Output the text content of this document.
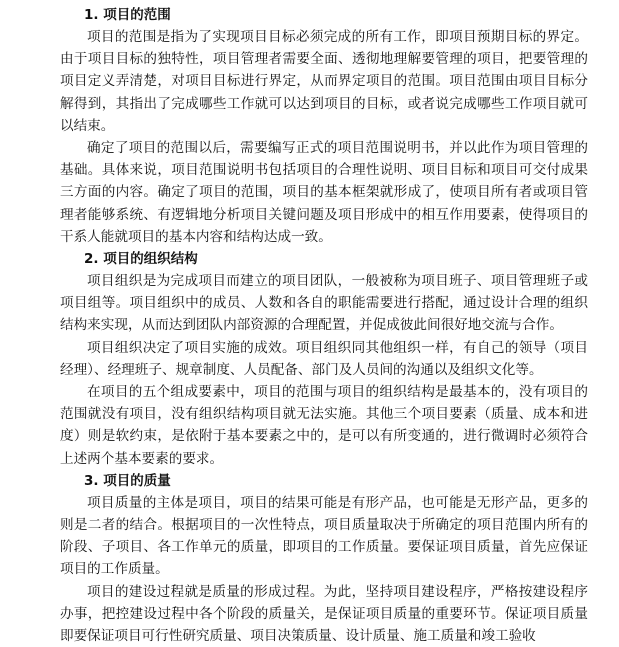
1. 项目的范围

项目的范围是指为了实现项目目标必须完成的所有工作，即项目预期目标的界定。由于项目目标的独特性，项目管理者需要全面、透彻地理解要管理的项目，把要管理的项目定义弄清楚，对项目目标进行界定，从而界定项目的范围。项目范围由项目目标分解得到，其指出了完成哪些工作就可以达到项目的目标，或者说完成哪些工作项目就可以结束。

确定了项目的范围以后，需要编写正式的项目范围说明书，并以此作为项目管理的基础。具体来说，项目范围说明书包括项目的合理性说明、项目目标和项目可交付成果三方面的内容。确定了项目的范围，项目的基本框架就形成了，使项目所有者或项目管理者能够系统、有逻辑地分析项目关键问题及项目形成中的相互作用要素，使得项目的干系人能就项目的基本内容和结构达成一致。

2. 项目的组织结构

项目组织是为完成项目而建立的项目团队，一般被称为项目班子、项目管理班子或项目组等。项目组织中的成员、人数和各自的职能需要进行搭配，通过设计合理的组织结构来实现，从而达到团队内部资源的合理配置，并促成彼此间很好地交流与合作。

项目组织决定了项目实施的成效。项目组织同其他组织一样，有自己的领导（项目经理）、经理班子、规章制度、人员配备、部门及人员间的沟通以及组织文化等。

在项目的五个组成要素中，项目的范围与项目的组织结构是最基本的，没有项目的范围就没有项目，没有组织结构项目就无法实施。其他三个项目要素（质量、成本和进度）则是软约束，是依附于基本要素之中的，是可以有所变通的，进行微调时必须符合上述两个基本要素的要求。

3. 项目的质量

项目质量的主体是项目，项目的结果可能是有形产品，也可能是无形产品，更多的则是二者的结合。根据项目的一次性特点，项目质量取决于所确定的项目范围内所有的阶段、子项目、各工作单元的质量，即项目的工作质量。要保证项目质量，首先应保证项目的工作质量。

项目的建设过程就是质量的形成过程。为此，坚持项目建设程序，严格按建设程序办事，把控建设过程中各个阶段的质量关，是保证项目质量的重要环节。保证项目质量即要保证项目可行性研究质量、项目决策质量、设计质量、施工质量和竣工验收
